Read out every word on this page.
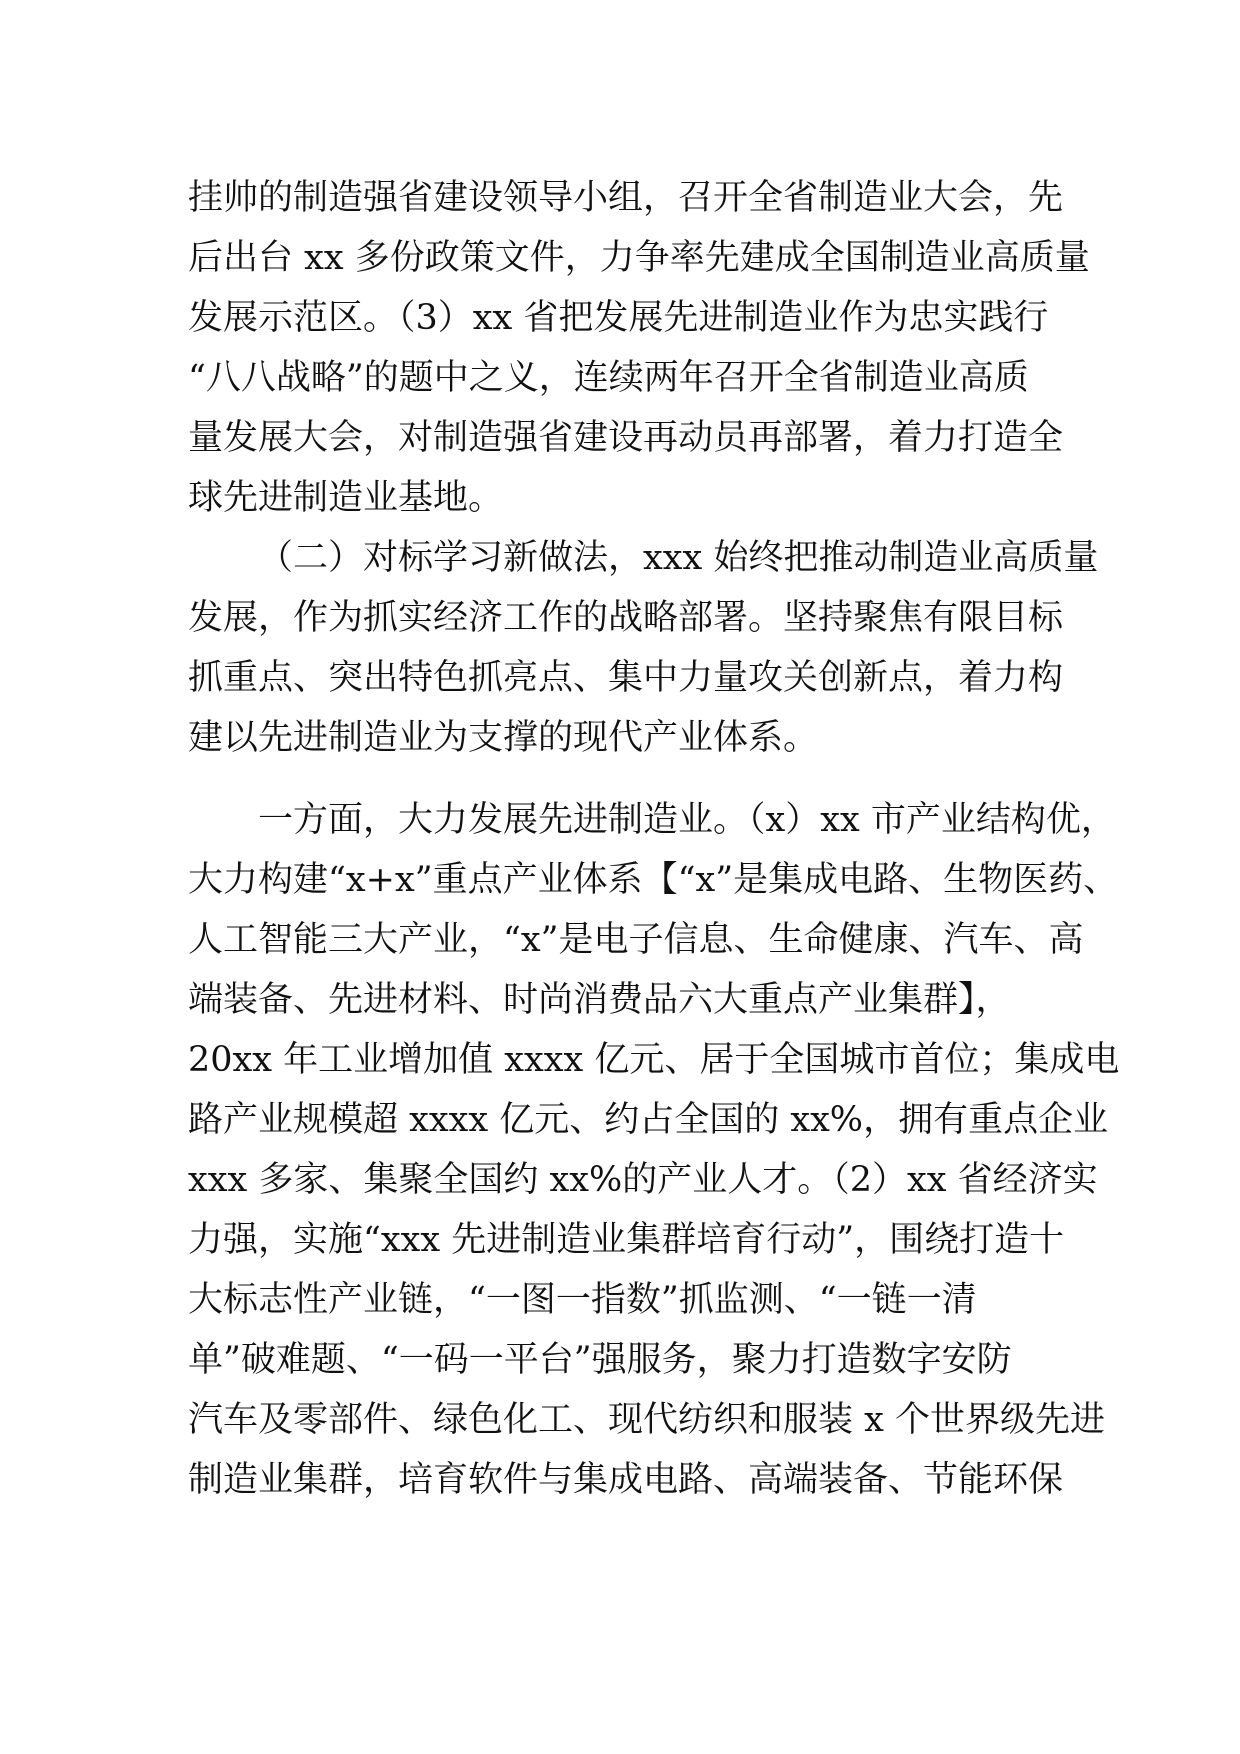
挂帅的制造强省建设领导小组，召开全省制造业大会，先
后出台 xx 多份政策文件，力争率先建成全国制造业高质量
发展示范区。（3）xx 省把发展先进制造业作为忠实践行
“八八战略”的题中之义，连续两年召开全省制造业高质
量发展大会，对制造强省建设再动员再部署，着力打造全
球先进制造业基地。
（二）对标学习新做法，xxx 始终把推动制造业高质量
发展，作为抓实经济工作的战略部署。坚持聚焦有限目标
抓重点、突出特色抓亮点、集中力量攻关创新点，着力构
建以先进制造业为支撑的现代产业体系。
一方面，大力发展先进制造业。（x）xx 市产业结构优，
大力构建“x+x”重点产业体系【“x”是集成电路、生物医药、
人工智能三大产业，“x”是电子信息、生命健康、汽车、高
端装备、先进材料、时尚消费品六大重点产业集群】，
20xx 年工业增加值 xxxx 亿元、居于全国城市首位；集成电
路产业规模超 xxxx 亿元、约占全国的 xx%，拥有重点企业
xxx 多家、集聚全国约 xx%的产业人才。（2）xx 省经济实
力强，实施“xxx 先进制造业集群培育行动”，围绕打造十
大标志性产业链，“一图一指数”抓监测、“一链一清
单”破难题、“一码一平台”强服务，聚力打造数字安防
汽车及零部件、绿色化工、现代纺织和服装 x 个世界级先进
制造业集群，培育软件与集成电路、高端装备、节能环保
